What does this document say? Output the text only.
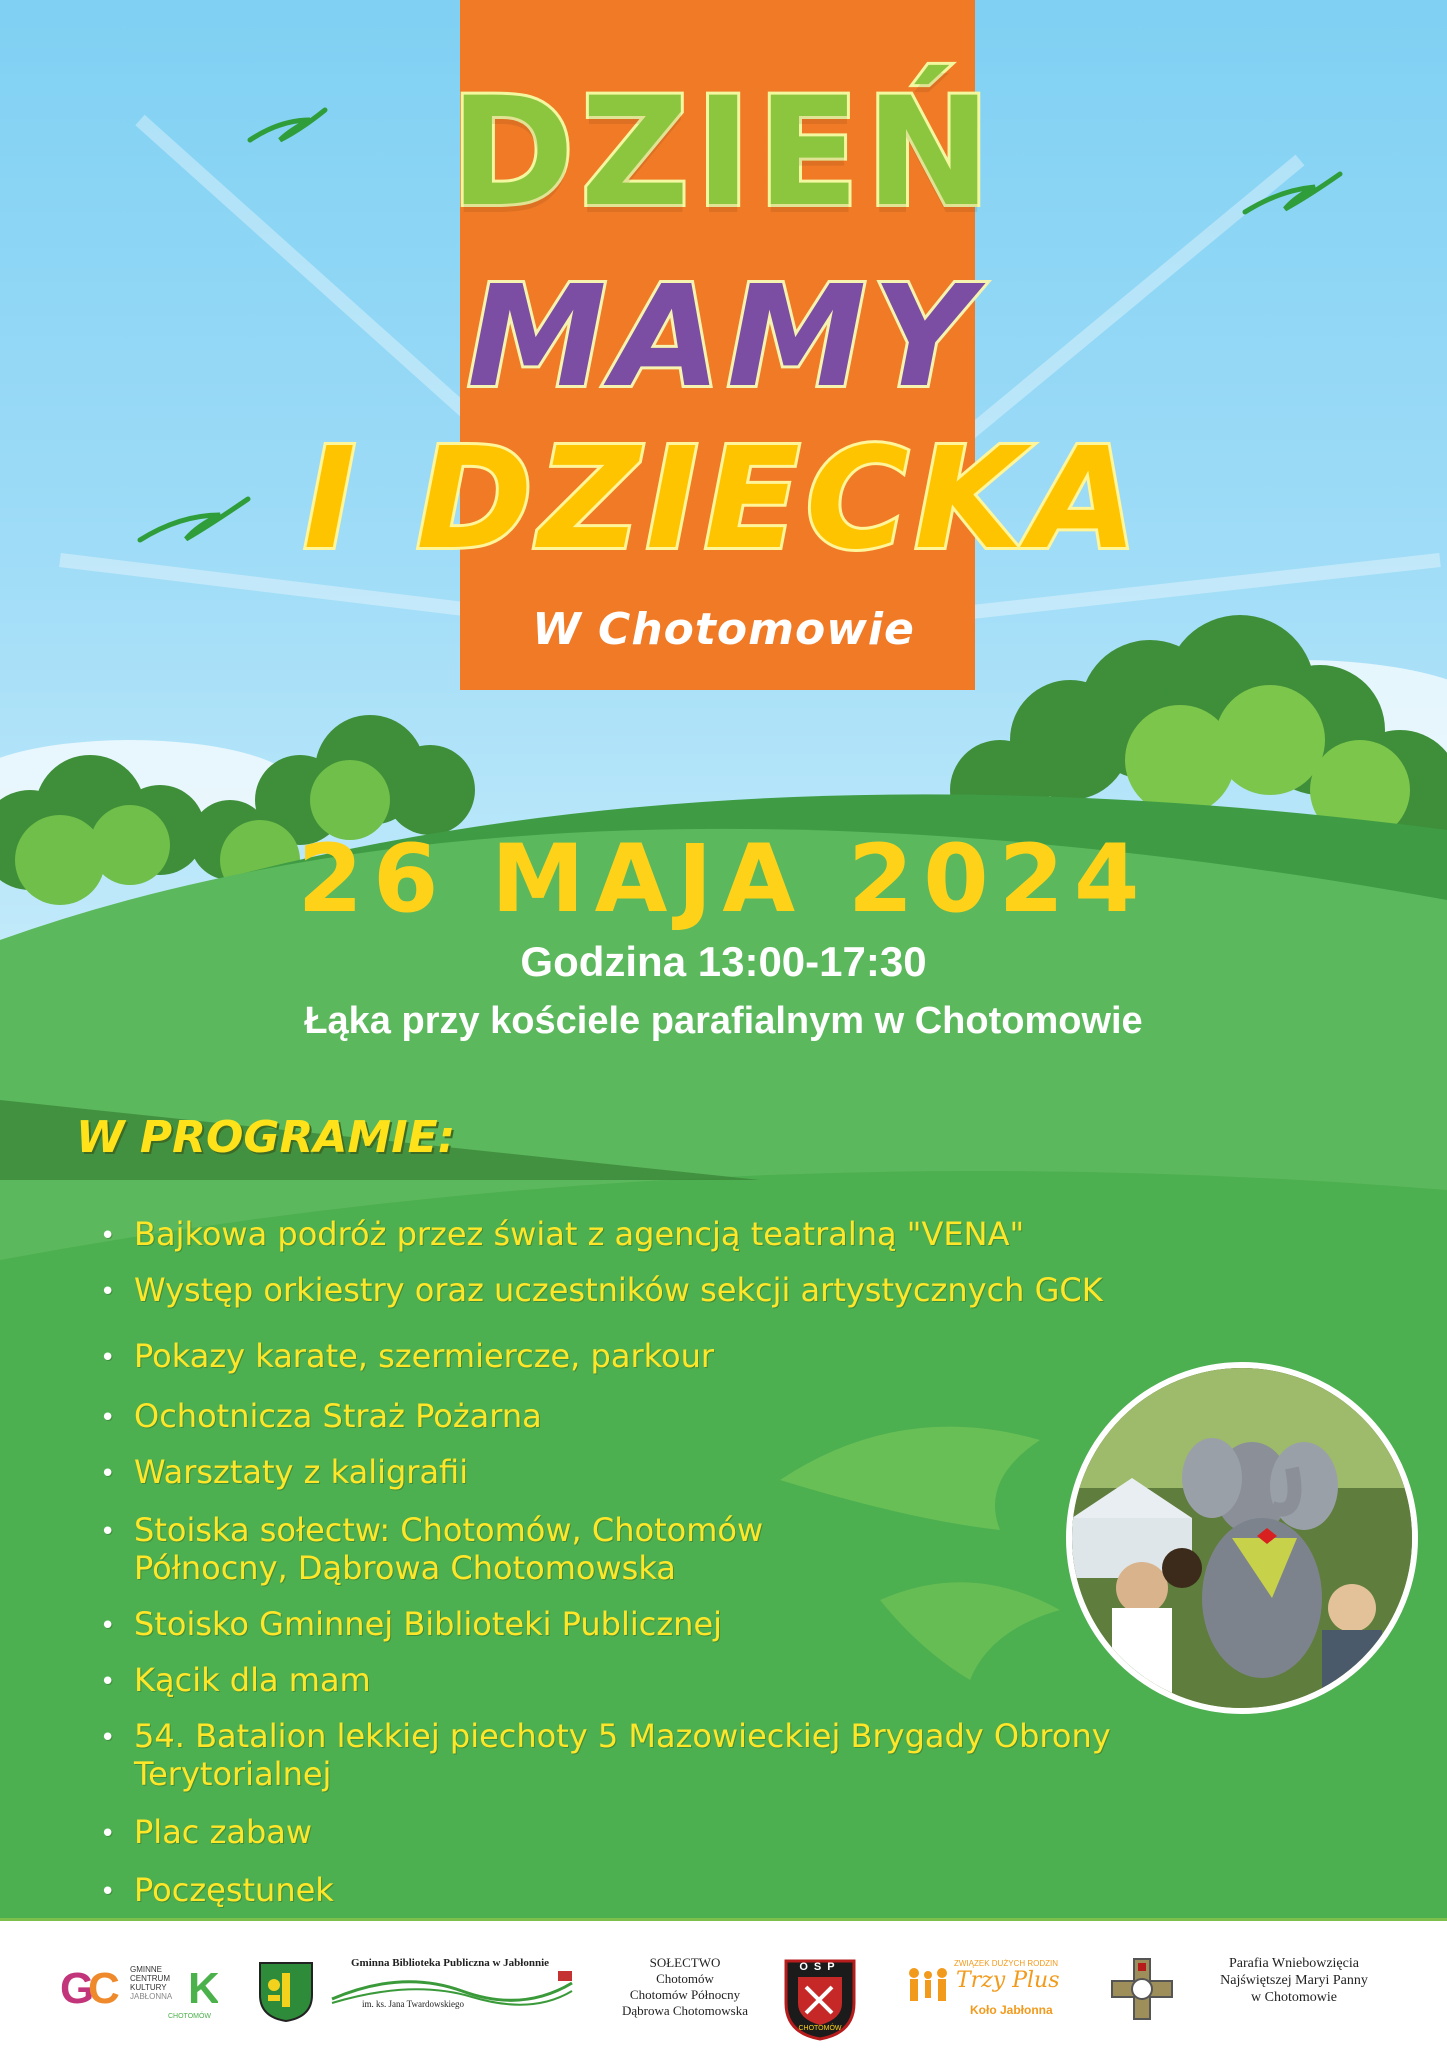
DZIEŃ
MAMY
I DZIECKA
W Chotomowie
26 MAJA 2024
Godzina 13:00-17:30
Łąka przy kościele parafialnym w Chotomowie
W PROGRAMIE:
• Bajkowa podróż przez świat z agencją teatralną "VENA"
• Występ orkiestry oraz uczestników sekcji artystycznych GCK
• Pokazy karate, szermiercze, parkour
• Ochotnicza Straż Pożarna
• Warsztaty z kaligrafii
• Stoiska sołectw: Chotomów, Chotomów Północny, Dąbrowa Chotomowska
• Stoisko Gminnej Biblioteki Publicznej
• Kącik dla mam
• 54. Batalion lekkiej piechoty 5 Mazowieckiej Brygady Obrony Terytorialnej
• Plac zabaw
• Poczęstunek
G
C K
GMINNE
CENTRUM
KULTURY
JABŁONNA
CHOTOMÓW
Gminna Biblioteka Publiczna w Jabłonnie
im. ks. Jana Twardowskiego
SOŁECTWO
Chotomów
Chotomów Północny
Dąbrowa Chotomowska
OSP
CHOTOMÓW
ZWIĄZEK DUŻYCH RODZIN
Trzy Plus
Koło Jabłonna
Parafia Wniebowzięcia
Najświętszej Maryi Panny
w Chotomowie
